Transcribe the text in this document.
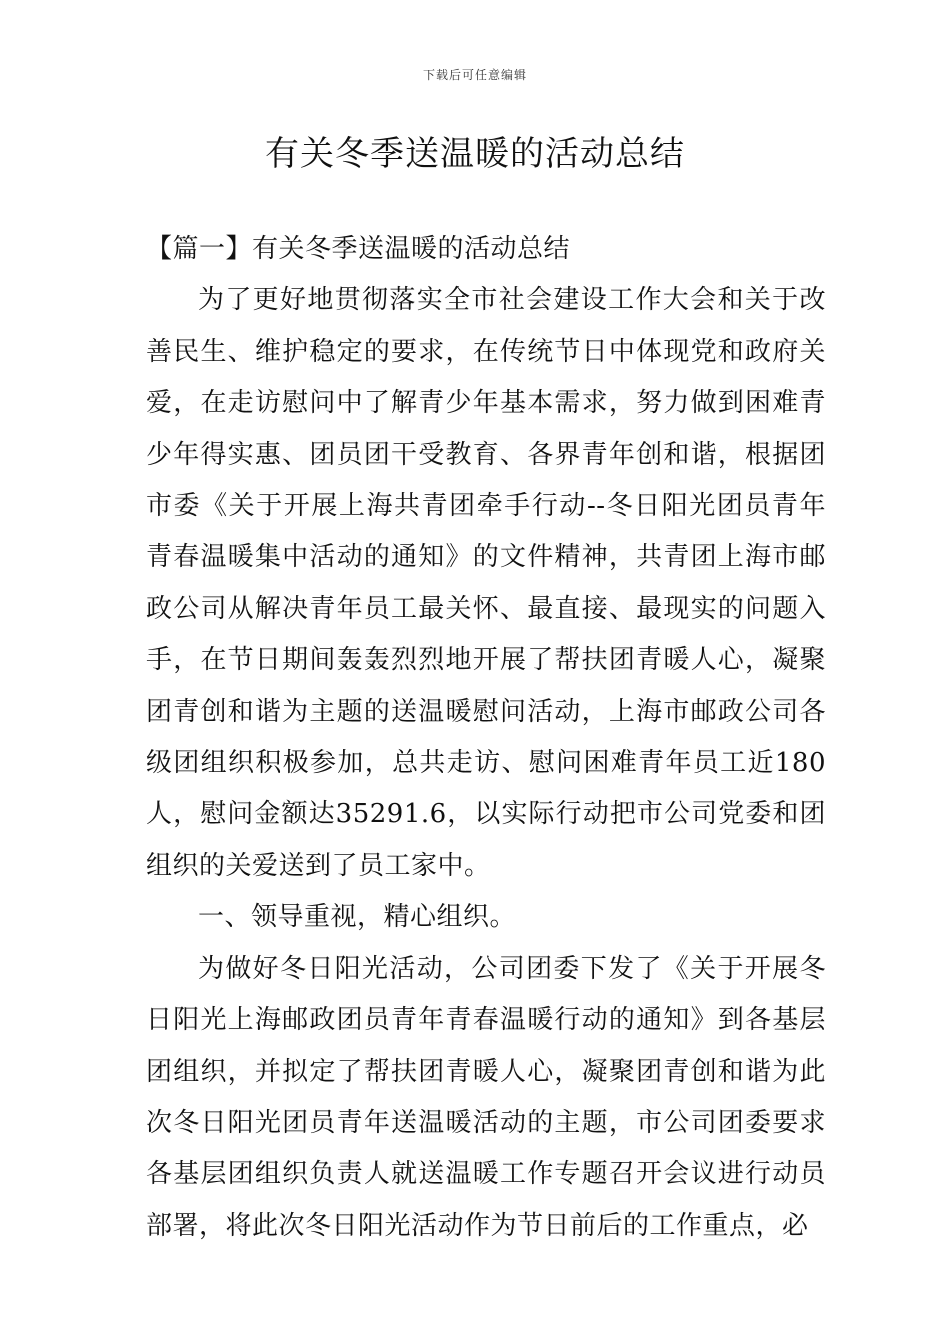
下载后可任意编辑
有关冬季送温暖的活动总结

【篇一】有关冬季送温暖的活动总结

为了更好地贯彻落实全市社会建设工作大会和关于改善民生、维护稳定的要求，在传统节日中体现党和政府关爱，在走访慰问中了解青少年基本需求，努力做到困难青少年得实惠、团员团干受教育、各界青年创和谐，根据团市委《关于开展上海共青团牵手行动--冬日阳光团员青年青春温暖集中活动的通知》的文件精神，共青团上海市邮政公司从解决青年员工最关怀、最直接、最现实的问题入手，在节日期间轰轰烈烈地开展了帮扶团青暖人心，凝聚团青创和谐为主题的送温暖慰问活动，上海市邮政公司各级团组织积极参加，总共走访、慰问困难青年员工近180人，慰问金额达35291.6，以实际行动把市公司党委和团组织的关爱送到了员工家中。

一、领导重视，精心组织。

为做好冬日阳光活动，公司团委下发了《关于开展冬日阳光上海邮政团员青年青春温暖行动的通知》到各基层团组织，并拟定了帮扶团青暖人心，凝聚团青创和谐为此次冬日阳光团员青年送温暖活动的主题，市公司团委要求各基层团组织负责人就送温暖工作专题召开会议进行动员部署，将此次冬日阳光活动作为节日前后的工作重点，必
